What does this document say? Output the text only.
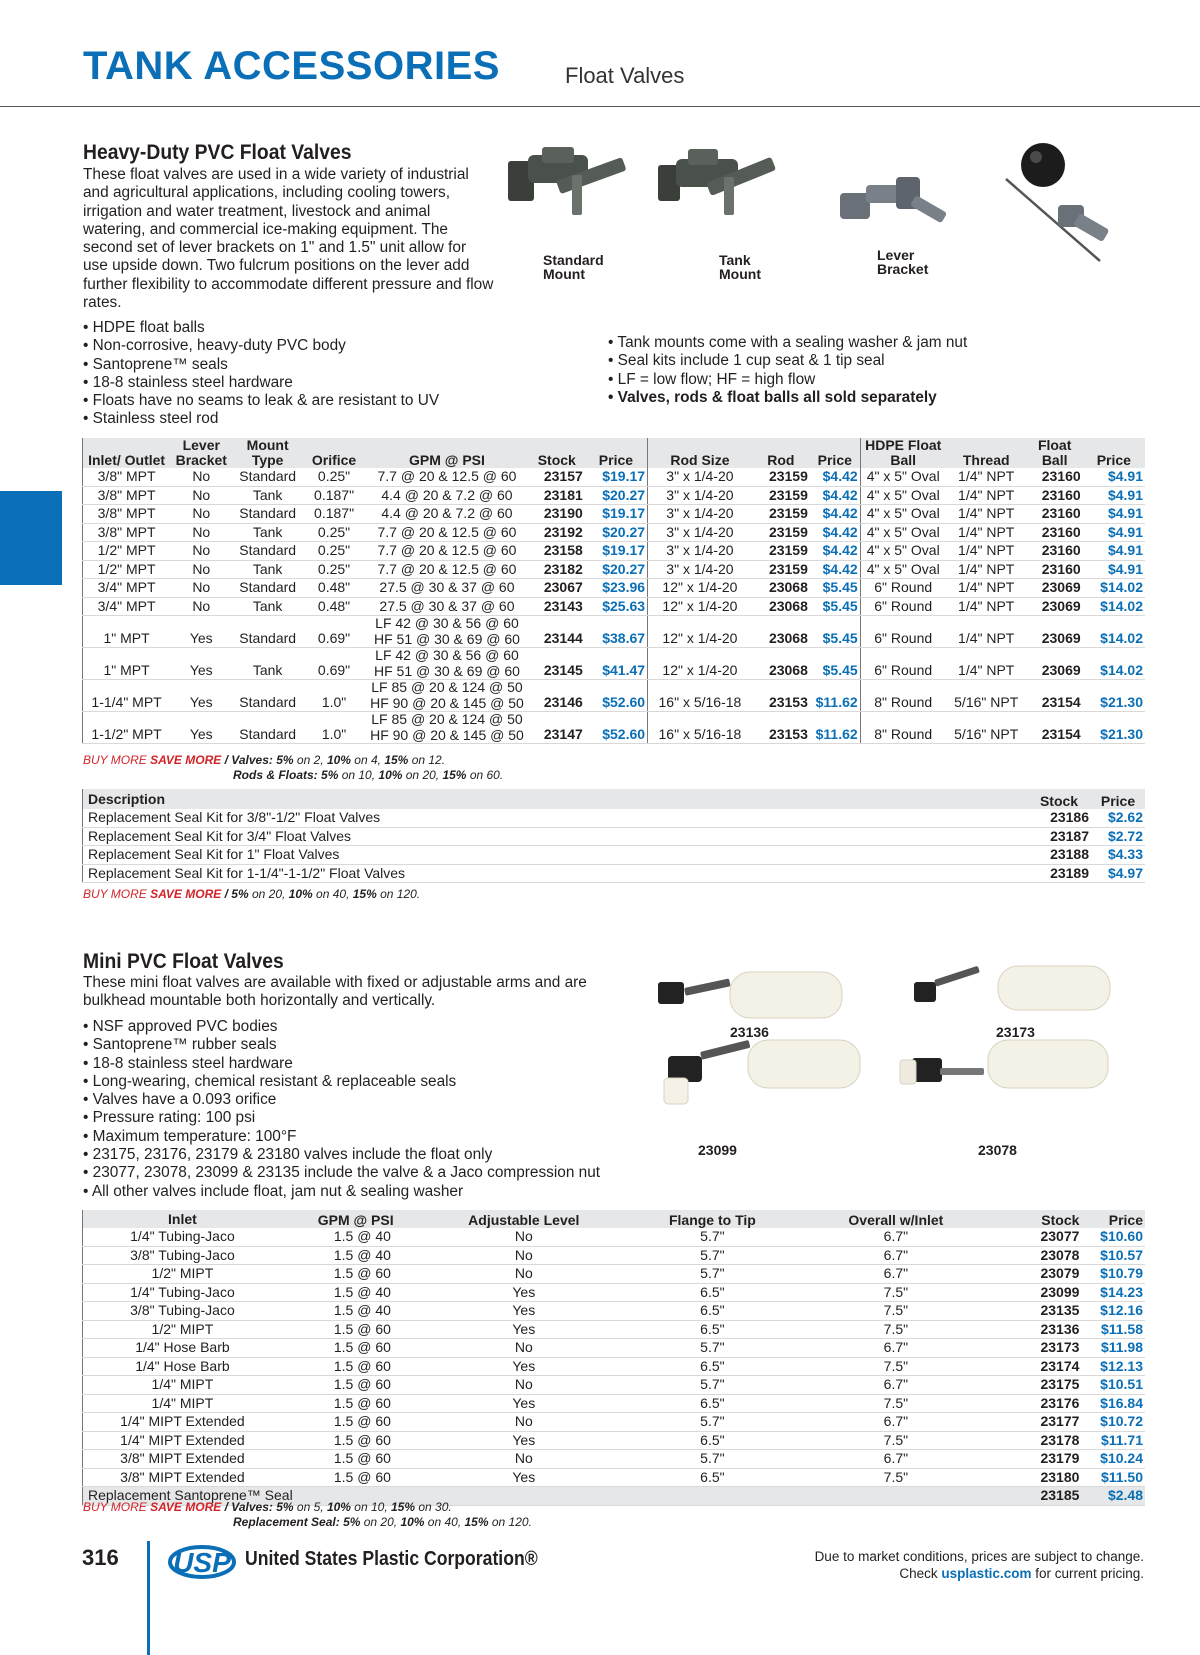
TANK ACCESSORIES	Float Valves
Heavy-Duty PVC Float Valves

These float valves are used in a wide variety of industrial and agricultural applications, including cooling towers, irrigation and water treatment, livestock and animal watering, and commercial ice-making equipment. The second set of lever brackets on 1" and 1.5" unit allow for use upside down. Two fulcrum positions on the lever add further flexibility to accommodate different pressure and flow rates.

• HDPE float balls
• Non-corrosive, heavy-duty PVC body
• Santoprene™ seals
• 18-8 stainless steel hardware
• Floats have no seams to leak & are resistant to UV
• Stainless steel rod
• Tank mounts come with a sealing washer & jam nut
• Seal kits include 1 cup seat & 1 tip seal
• LF = low flow; HF = high flow
• Valves, rods & float balls all sold separately
Standard Mount
Tank Mount
Lever Bracket
Inlet/ Outlet	Lever Bracket	Mount Type	Orifice	GPM @ PSI	Stock	Price	Rod Size	Rod	Price	HDPE Float Ball	Thread	Float Ball	Price
3/8" MPT	No	Standard	0.25"	7.7 @ 20 & 12.5 @ 60	23157	$19.17	3" x 1/4-20	23159	$4.42	4" x 5" Oval	1/4" NPT	23160	$4.91
3/8" MPT	No	Tank	0.187"	4.4 @ 20 & 7.2 @ 60	23181	$20.27	3" x 1/4-20	23159	$4.42	4" x 5" Oval	1/4" NPT	23160	$4.91
3/8" MPT	No	Standard	0.187"	4.4 @ 20 & 7.2 @ 60	23190	$19.17	3" x 1/4-20	23159	$4.42	4" x 5" Oval	1/4" NPT	23160	$4.91
3/8" MPT	No	Tank	0.25"	7.7 @ 20 & 12.5 @ 60	23192	$20.27	3" x 1/4-20	23159	$4.42	4" x 5" Oval	1/4" NPT	23160	$4.91
1/2" MPT	No	Standard	0.25"	7.7 @ 20 & 12.5 @ 60	23158	$19.17	3" x 1/4-20	23159	$4.42	4" x 5" Oval	1/4" NPT	23160	$4.91
1/2" MPT	No	Tank	0.25"	7.7 @ 20 & 12.5 @ 60	23182	$20.27	3" x 1/4-20	23159	$4.42	4" x 5" Oval	1/4" NPT	23160	$4.91
3/4" MPT	No	Standard	0.48"	27.5 @ 30 & 37 @ 60	23067	$23.96	12" x 1/4-20	23068	$5.45	6" Round	1/4" NPT	23069	$14.02
3/4" MPT	No	Tank	0.48"	27.5 @ 30 & 37 @ 60	23143	$25.63	12" x 1/4-20	23068	$5.45	6" Round	1/4" NPT	23069	$14.02
1" MPT	Yes	Standard	0.69"	LF 42 @ 30 & 56 @ 60
HF 51 @ 30 & 69 @ 60	23144	$38.67	12" x 1/4-20	23068	$5.45	6" Round	1/4" NPT	23069	$14.02
1" MPT	Yes	Tank	0.69"	LF 42 @ 30 & 56 @ 60
HF 51 @ 30 & 69 @ 60	23145	$41.47	12" x 1/4-20	23068	$5.45	6" Round	1/4" NPT	23069	$14.02
1-1/4" MPT	Yes	Standard	1.0"	LF 85 @ 20 & 124 @ 50
HF 90 @ 20 & 145 @ 50	23146	$52.60	16" x 5/16-18	23153	$11.62	8" Round	5/16" NPT	23154	$21.30
1-1/2" MPT	Yes	Standard	1.0"	LF 85 @ 20 & 124 @ 50
HF 90 @ 20 & 145 @ 50	23147	$52.60	16" x 5/16-18	23153	$11.62	8" Round	5/16" NPT	23154	$21.30
BUY MORE SAVE MORE / Valves: 5% on 2, 10% on 4, 15% on 12.
Rods & Floats: 5% on 10, 10% on 20, 15% on 60.
Description	Stock	Price
Replacement Seal Kit for 3/8"-1/2" Float Valves	23186	$2.62
Replacement Seal Kit for 3/4" Float Valves	23187	$2.72
Replacement Seal Kit for 1" Float Valves	23188	$4.33
Replacement Seal Kit for 1-1/4"-1-1/2" Float Valves	23189	$4.97
BUY MORE SAVE MORE / 5% on 20, 10% on 40, 15% on 120.
Mini PVC Float Valves

These mini float valves are available with fixed or adjustable arms and are bulkhead mountable both horizontally and vertically.

• NSF approved PVC bodies
• Santoprene™ rubber seals
• 18-8 stainless steel hardware
• Long-wearing, chemical resistant & replaceable seals
• Valves have a 0.093 orifice
• Pressure rating: 100 psi
• Maximum temperature: 100°F
• 23175, 23176, 23179 & 23180 valves include the float only
• 23077, 23078, 23099 & 23135 include the valve & a Jaco compression nut
• All other valves include float, jam nut & sealing washer
23136	23173
23099	23078
Inlet	GPM @ PSI	Adjustable Level	Flange to Tip	Overall w/Inlet	Stock	Price
1/4" Tubing-Jaco	1.5 @ 40	No	5.7"	6.7"	23077	$10.60
3/8" Tubing-Jaco	1.5 @ 40	No	5.7"	6.7"	23078	$10.57
1/2" MIPT	1.5 @ 60	No	5.7"	6.7"	23079	$10.79
1/4" Tubing-Jaco	1.5 @ 40	Yes	6.5"	7.5"	23099	$14.23
3/8" Tubing-Jaco	1.5 @ 40	Yes	6.5"	7.5"	23135	$12.16
1/2" MIPT	1.5 @ 60	Yes	6.5"	7.5"	23136	$11.58
1/4" Hose Barb	1.5 @ 60	No	5.7"	6.7"	23173	$11.98
1/4" Hose Barb	1.5 @ 60	Yes	6.5"	7.5"	23174	$12.13
1/4" MIPT	1.5 @ 60	No	5.7"	6.7"	23175	$10.51
1/4" MIPT	1.5 @ 60	Yes	6.5"	7.5"	23176	$16.84
1/4" MIPT Extended	1.5 @ 60	No	5.7"	6.7"	23177	$10.72
1/4" MIPT Extended	1.5 @ 60	Yes	6.5"	7.5"	23178	$11.71
3/8" MIPT Extended	1.5 @ 60	No	5.7"	6.7"	23179	$10.24
3/8" MIPT Extended	1.5 @ 60	Yes	6.5"	7.5"	23180	$11.50
Replacement Santoprene™ Seal					23185	$2.48
BUY MORE SAVE MORE / Valves: 5% on 5, 10% on 10, 15% on 30.
Replacement Seal: 5% on 20, 10% on 40, 15% on 120.
316 USP United States Plastic Corporation®	Due to market conditions, prices are subject to change.
Check usplastic.com for current pricing.
